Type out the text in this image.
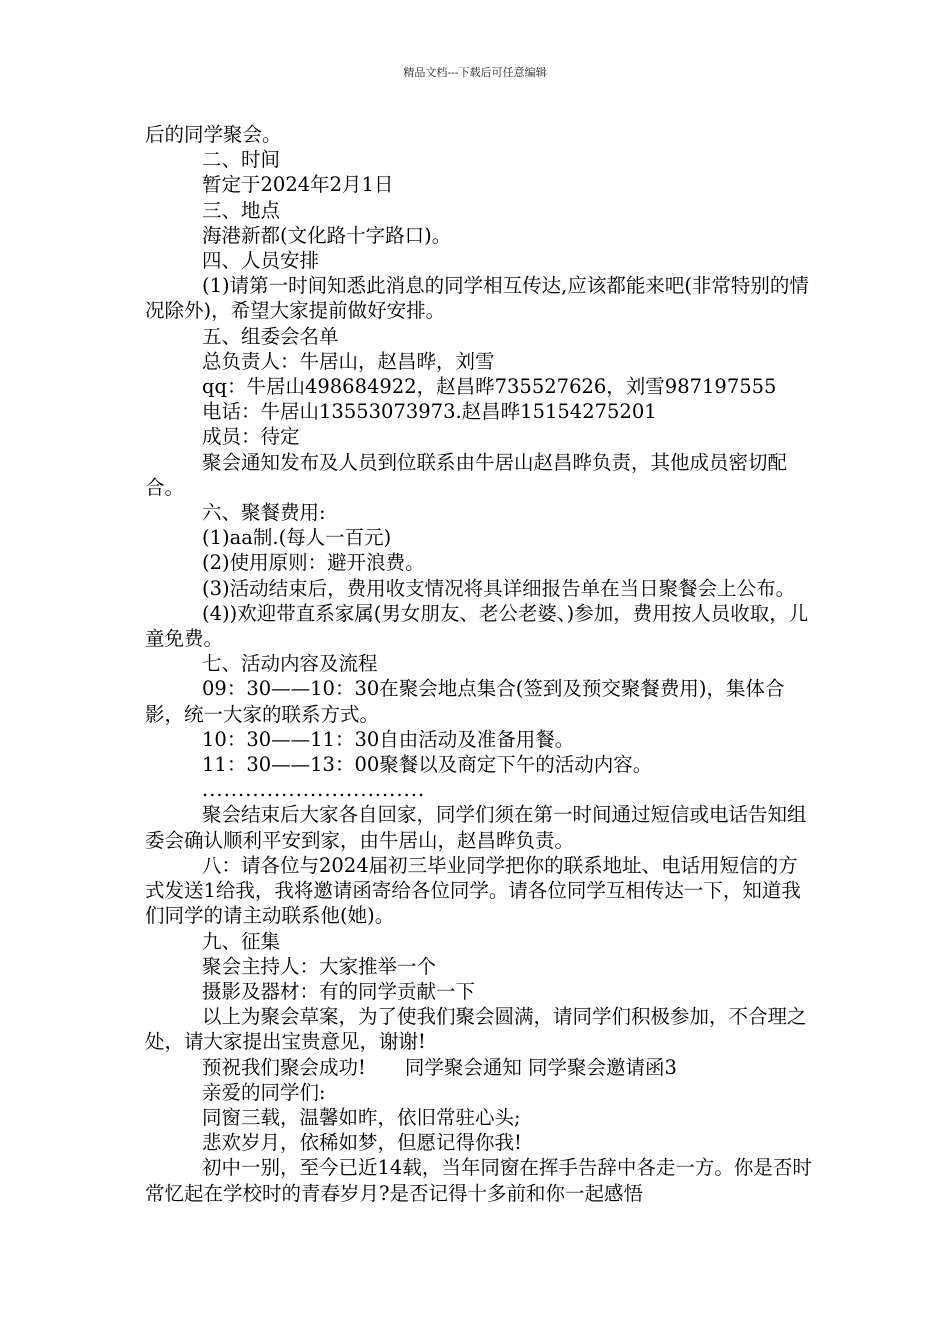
精品文档---下载后可任意编辑

后的同学聚会。

二、时间

暂定于2024年2月1日

三、地点

海港新都(文化路十字路口)。

四、人员安排

(1)请第一时间知悉此消息的同学相互传达,应该都能来吧(非常特别的情况除外)，希望大家提前做好安排。

五、组委会名单

总负责人：牛居山，赵昌晔，刘雪

qq：牛居山498684922，赵昌晔735527626，刘雪987197555

电话：牛居山13553073973.赵昌晔15154275201

成员：待定

聚会通知发布及人员到位联系由牛居山赵昌晔负责，其他成员密切配合。

六、聚餐费用:

(1)aa制.(每人一百元)

(2)使用原则：避开浪费。

(3)活动结束后，费用收支情况将具详细报告单在当日聚餐会上公布。

(4))欢迎带直系家属(男女朋友、老公老婆、)参加，费用按人员收取，儿童免费。

七、活动内容及流程

09：30——10：30在聚会地点集合(签到及预交聚餐费用)，集体合影，统一大家的联系方式。

10：30——11：30自由活动及准备用餐。

11：30——13：00聚餐以及商定下午的活动内容。

...............................

聚会结束后大家各自回家，同学们须在第一时间通过短信或电话告知组委会确认顺利平安到家，由牛居山，赵昌晔负责。

八：请各位与2024届初三毕业同学把你的联系地址、电话用短信的方式发送1给我，我将邀请函寄给各位同学。请各位同学互相传达一下，知道我们同学的请主动联系他(她)。

九、征集

聚会主持人：大家推举一个

摄影及器材：有的同学贡献一下

以上为聚会草案，为了使我们聚会圆满，请同学们积极参加，不合理之处，请大家提出宝贵意见，谢谢!

预祝我们聚会成功!　　同学聚会通知 同学聚会邀请函3

亲爱的同学们:

同窗三载，温馨如昨，依旧常驻心头;

悲欢岁月，依稀如梦，但愿记得你我!

初中一别，至今已近14载，当年同窗在挥手告辞中各走一方。你是否时常忆起在学校时的青春岁月?是否记得十多前和你一起感悟
